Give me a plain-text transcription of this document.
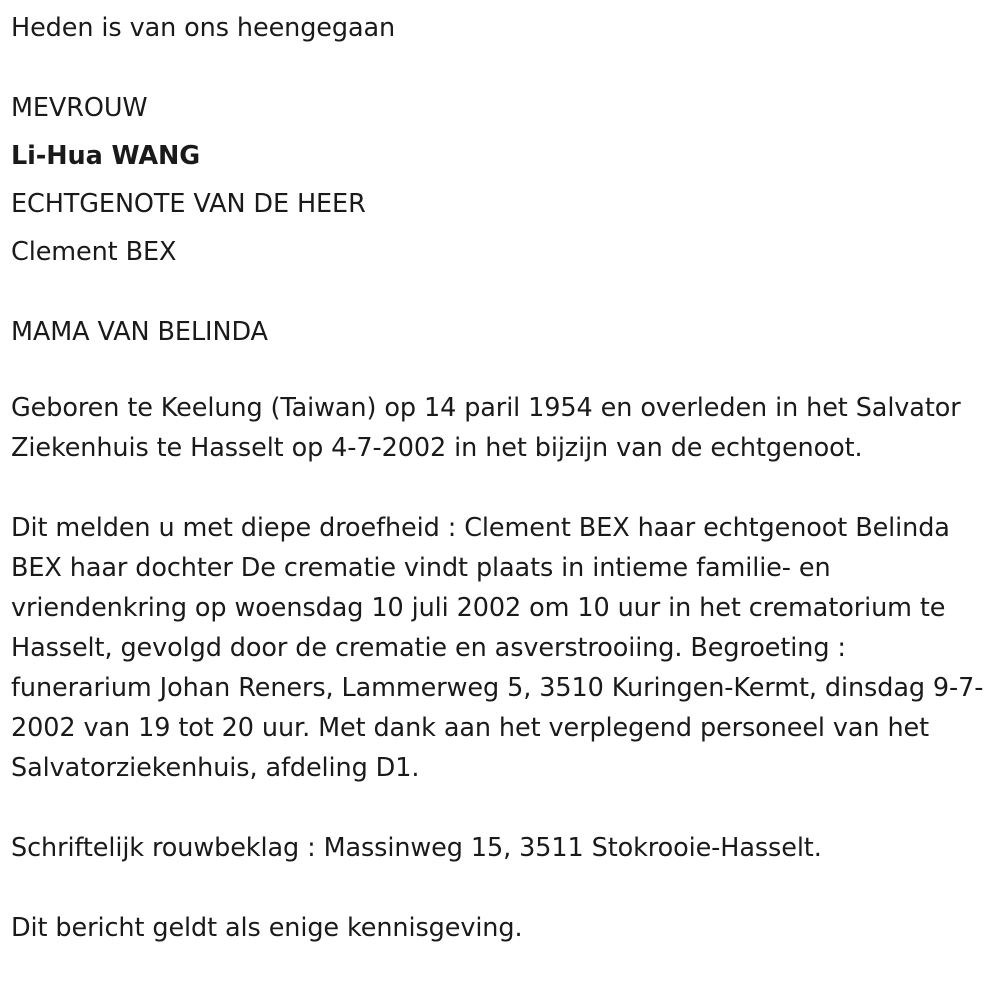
Heden is van ons heengegaan
MEVROUW
Li-Hua WANG
ECHTGENOTE VAN DE HEER
Clement BEX
MAMA VAN BELINDA

Geboren te Keelung (Taiwan) op 14 paril 1954 en overleden in het Salvator Ziekenhuis te Hasselt op 4-7-2002 in het bijzijn van de echtgenoot.

Dit melden u met diepe droefheid : Clement BEX haar echtgenoot Belinda BEX haar dochter De crematie vindt plaats in intieme familie- en vriendenkring op woensdag 10 juli 2002 om 10 uur in het crematorium te Hasselt, gevolgd door de crematie en asverstrooiing. Begroeting : funerarium Johan Reners, Lammerweg 5, 3510 Kuringen-Kermt, dinsdag 9-7-2002 van 19 tot 20 uur. Met dank aan het verplegend personeel van het Salvatorziekenhuis, afdeling D1.

Schriftelijk rouwbeklag : Massinweg 15, 3511 Stokrooie-Hasselt.

Dit bericht geldt als enige kennisgeving.
